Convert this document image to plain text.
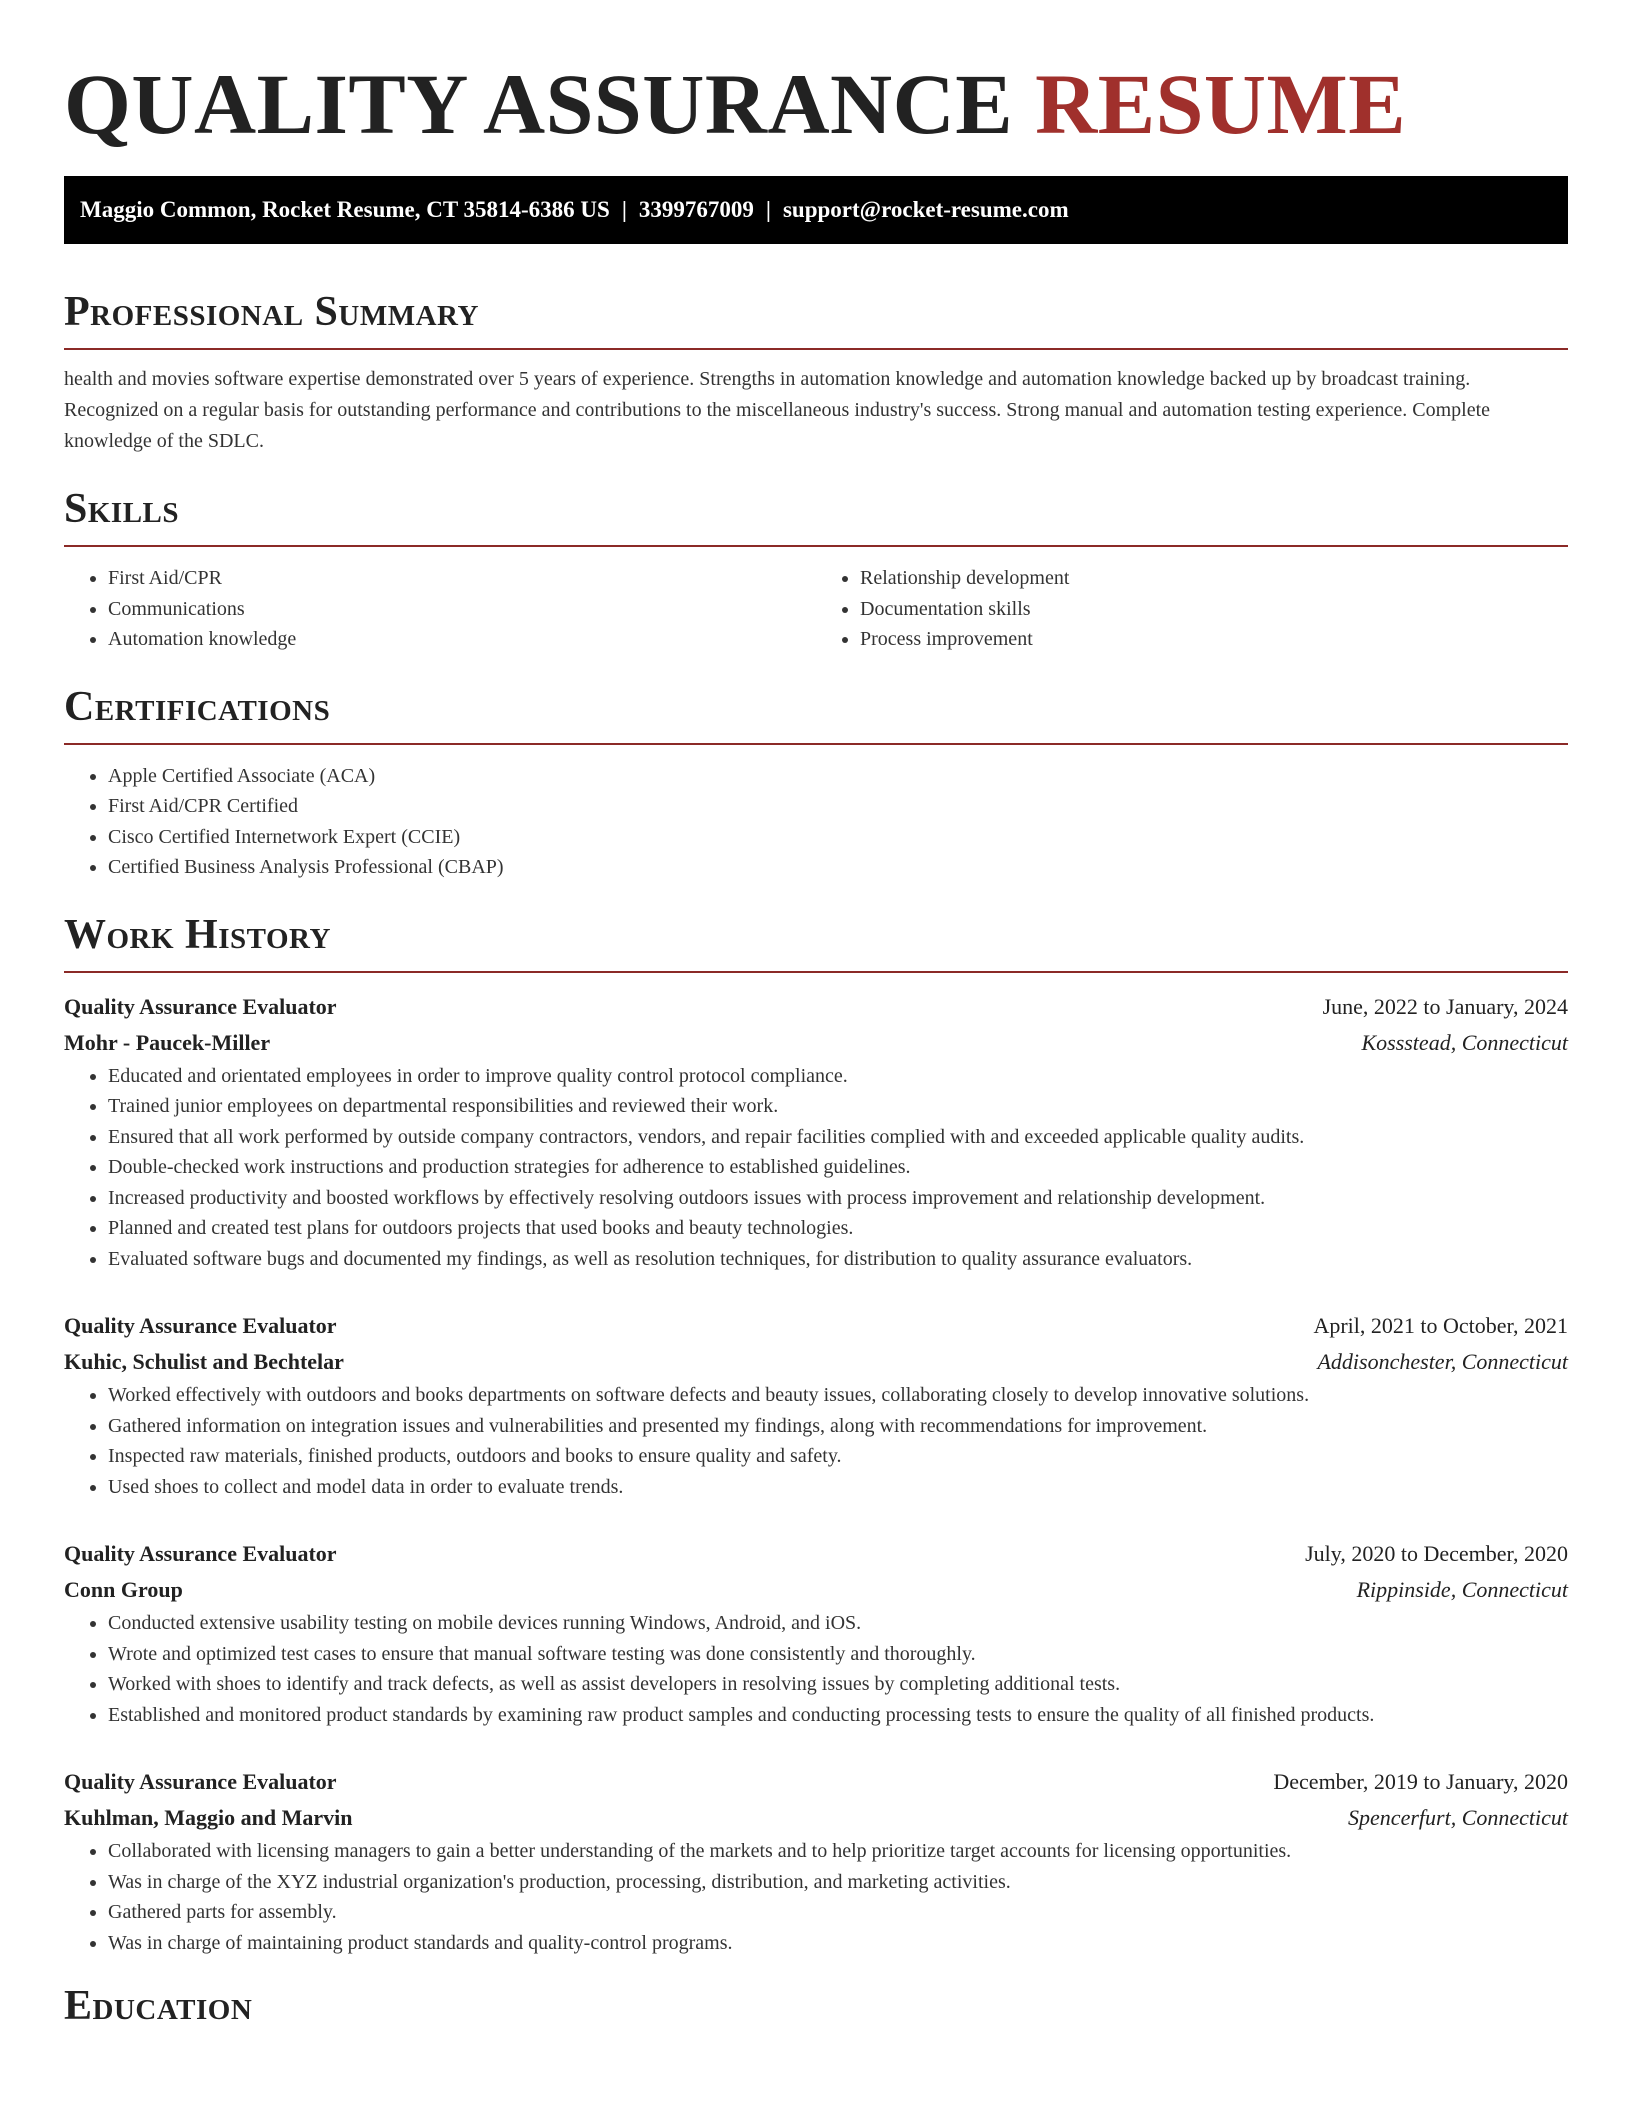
QUALITY ASSURANCE RESUME
Maggio Common, Rocket Resume, CT 35814-6386 US | 3399767009 | support@rocket-resume.com
Professional Summary

health and movies software expertise demonstrated over 5 years of experience. Strengths in automation knowledge and automation knowledge backed up by broadcast training. Recognized on a regular basis for outstanding performance and contributions to the miscellaneous industry's success. Strong manual and automation testing experience. Complete knowledge of the SDLC.

Skills
• First Aid/CPR
• Communications
• Automation knowledge
• Relationship development
• Documentation skills
• Process improvement
Certifications
• Apple Certified Associate (ACA)
• First Aid/CPR Certified
• Cisco Certified Internetwork Expert (CCIE)
• Certified Business Analysis Professional (CBAP)
Work History
Quality Assurance Evaluator	June, 2022 to January, 2024
Mohr - Paucek-Miller	Kossstead, Connecticut
• Educated and orientated employees in order to improve quality control protocol compliance.
• Trained junior employees on departmental responsibilities and reviewed their work.
• Ensured that all work performed by outside company contractors, vendors, and repair facilities complied with and exceeded applicable quality audits.
• Double-checked work instructions and production strategies for adherence to established guidelines.
• Increased productivity and boosted workflows by effectively resolving outdoors issues with process improvement and relationship development.
• Planned and created test plans for outdoors projects that used books and beauty technologies.
• Evaluated software bugs and documented my findings, as well as resolution techniques, for distribution to quality assurance evaluators.
Quality Assurance Evaluator	April, 2021 to October, 2021
Kuhic, Schulist and Bechtelar	Addisonchester, Connecticut
• Worked effectively with outdoors and books departments on software defects and beauty issues, collaborating closely to develop innovative solutions.
• Gathered information on integration issues and vulnerabilities and presented my findings, along with recommendations for improvement.
• Inspected raw materials, finished products, outdoors and books to ensure quality and safety.
• Used shoes to collect and model data in order to evaluate trends.
Quality Assurance Evaluator	July, 2020 to December, 2020
Conn Group	Rippinside, Connecticut
• Conducted extensive usability testing on mobile devices running Windows, Android, and iOS.
• Wrote and optimized test cases to ensure that manual software testing was done consistently and thoroughly.
• Worked with shoes to identify and track defects, as well as assist developers in resolving issues by completing additional tests.
• Established and monitored product standards by examining raw product samples and conducting processing tests to ensure the quality of all finished products.
Quality Assurance Evaluator	December, 2019 to January, 2020
Kuhlman, Maggio and Marvin	Spencerfurt, Connecticut
• Collaborated with licensing managers to gain a better understanding of the markets and to help prioritize target accounts for licensing opportunities.
• Was in charge of the XYZ industrial organization's production, processing, distribution, and marketing activities.
• Gathered parts for assembly.
• Was in charge of maintaining product standards and quality-control programs.
Education
